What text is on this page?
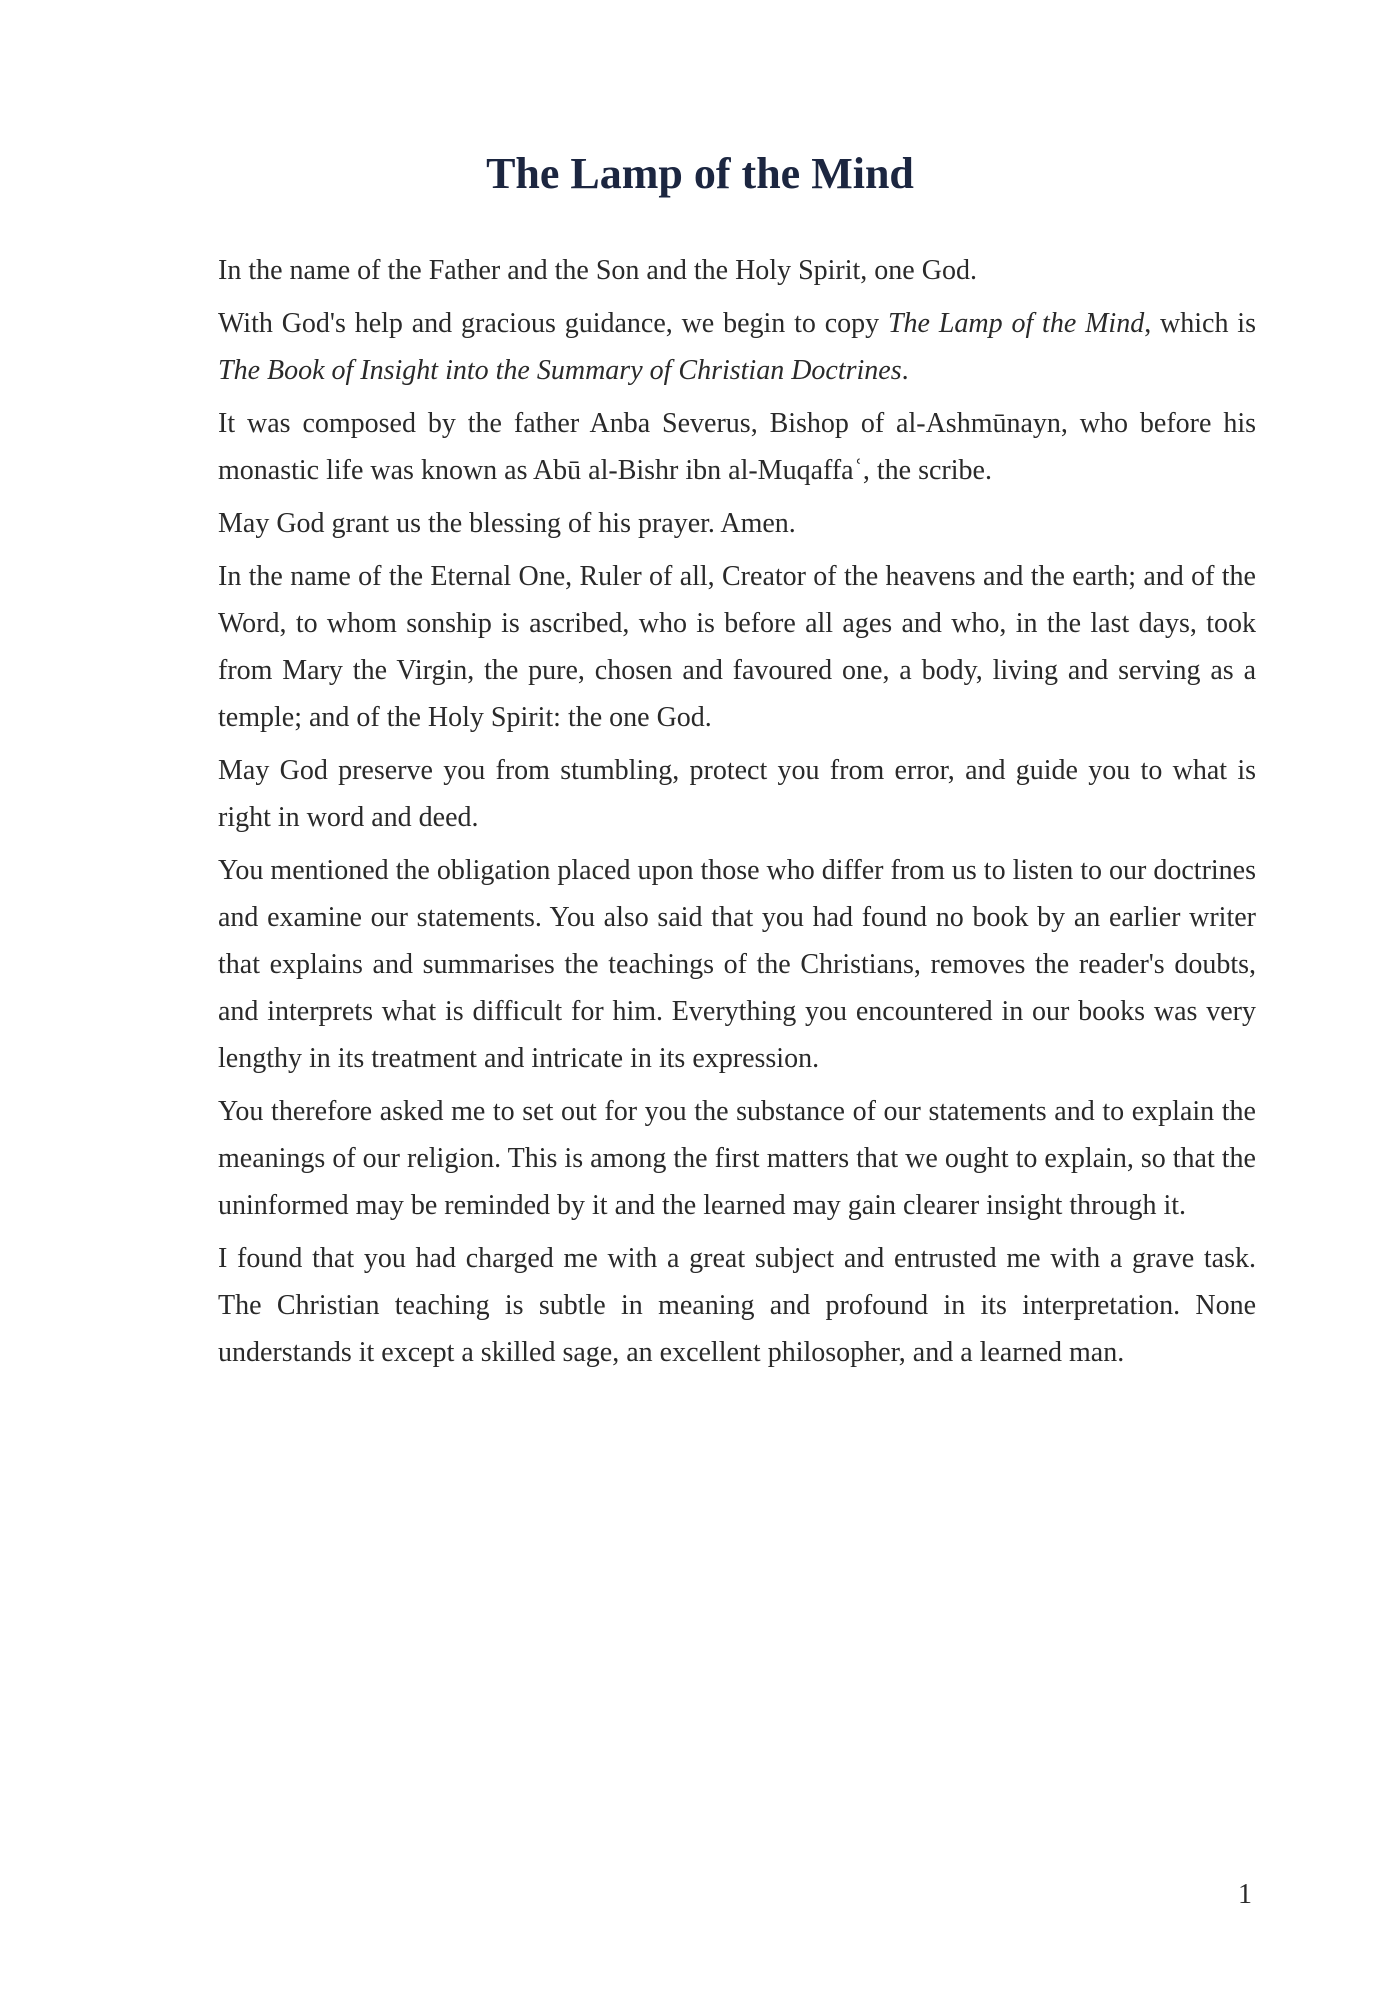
The Lamp of the Mind

In the name of the Father and the Son and the Holy Spirit, one God.

With God's help and gracious guidance, we begin to copy The Lamp of the Mind, which is The Book of Insight into the Summary of Christian Doctrines.

It was composed by the father Anba Severus, Bishop of al-Ashmūnayn, who before his monastic life was known as Abū al-Bishr ibn al-Muqaffaʿ, the scribe.

May God grant us the blessing of his prayer. Amen.

In the name of the Eternal One, Ruler of all, Creator of the heavens and the earth; and of the Word, to whom sonship is ascribed, who is before all ages and who, in the last days, took from Mary the Virgin, the pure, chosen and favoured one, a body, living and serving as a temple; and of the Holy Spirit: the one God.

May God preserve you from stumbling, protect you from error, and guide you to what is right in word and deed.

You mentioned the obligation placed upon those who differ from us to listen to our doctrines and examine our statements. You also said that you had found no book by an earlier writer that explains and summarises the teachings of the Christians, removes the reader's doubts, and interprets what is difficult for him. Everything you encountered in our books was very lengthy in its treatment and intricate in its expression.

You therefore asked me to set out for you the substance of our statements and to explain the meanings of our religion. This is among the first matters that we ought to explain, so that the uninformed may be reminded by it and the learned may gain clearer insight through it.

I found that you had charged me with a great subject and entrusted me with a grave task. The Christian teaching is subtle in meaning and profound in its interpretation. None understands it except a skilled sage, an excellent philosopher, and a learned man.

1
